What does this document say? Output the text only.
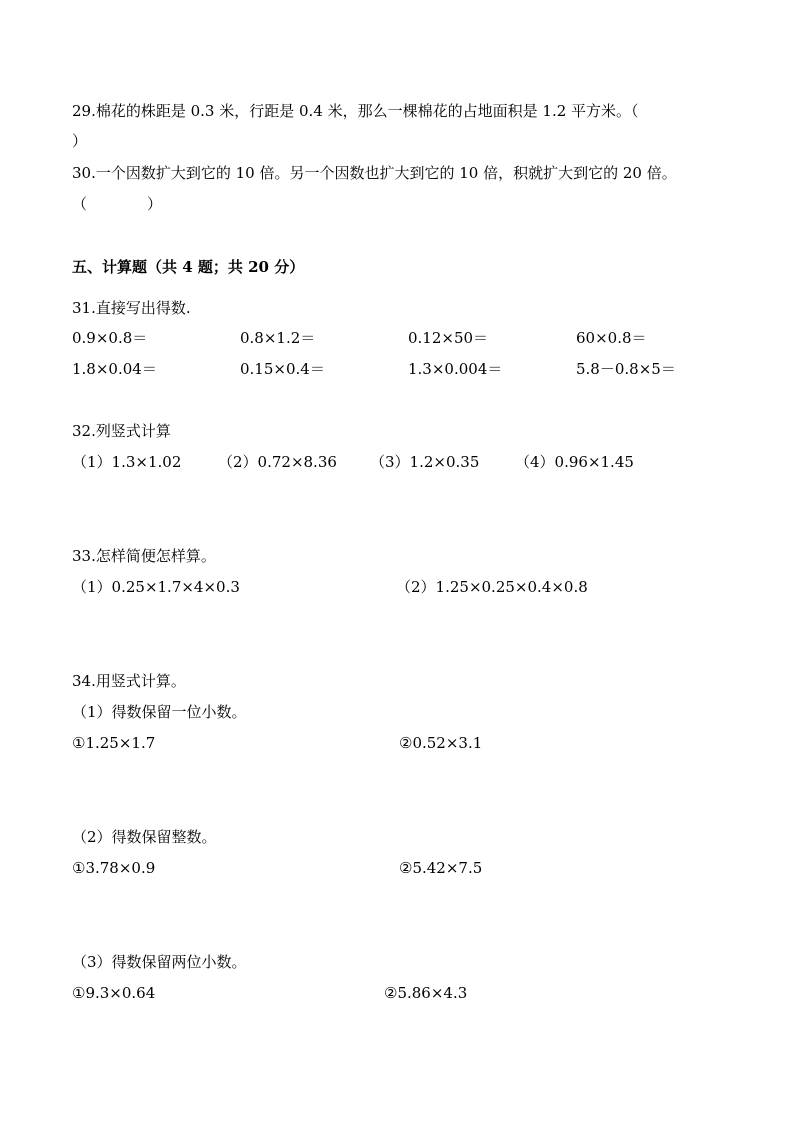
29.棉花的株距是 0.3 米，行距是 0.4 米，那么一棵棉花的占地面积是 1.2 平方米。（
）
30.一个因数扩大到它的 10 倍。另一个因数也扩大到它的 10 倍，积就扩大到它的 20 倍。
（　　　　）
五、计算题（共 4 题；共 20 分）
31.直接写出得数.
0.9×0.8＝	0.8×1.2＝	0.12×50＝	60×0.8＝
1.8×0.04＝	0.15×0.4＝	1.3×0.004＝	5.8－0.8×5＝
32.列竖式计算
（1）1.3×1.02 （2）0.72×8.36 （3）1.2×0.35 （4）0.96×1.45
33.怎样简便怎样算。
（1）0.25×1.7×4×0.3	（2）1.25×0.25×0.4×0.8
34.用竖式计算。
（1）得数保留一位小数。
①1.25×1.7	②0.52×3.1
（2）得数保留整数。
①3.78×0.9	②5.42×7.5
（3）得数保留两位小数。
①9.3×0.64	②5.86×4.3
